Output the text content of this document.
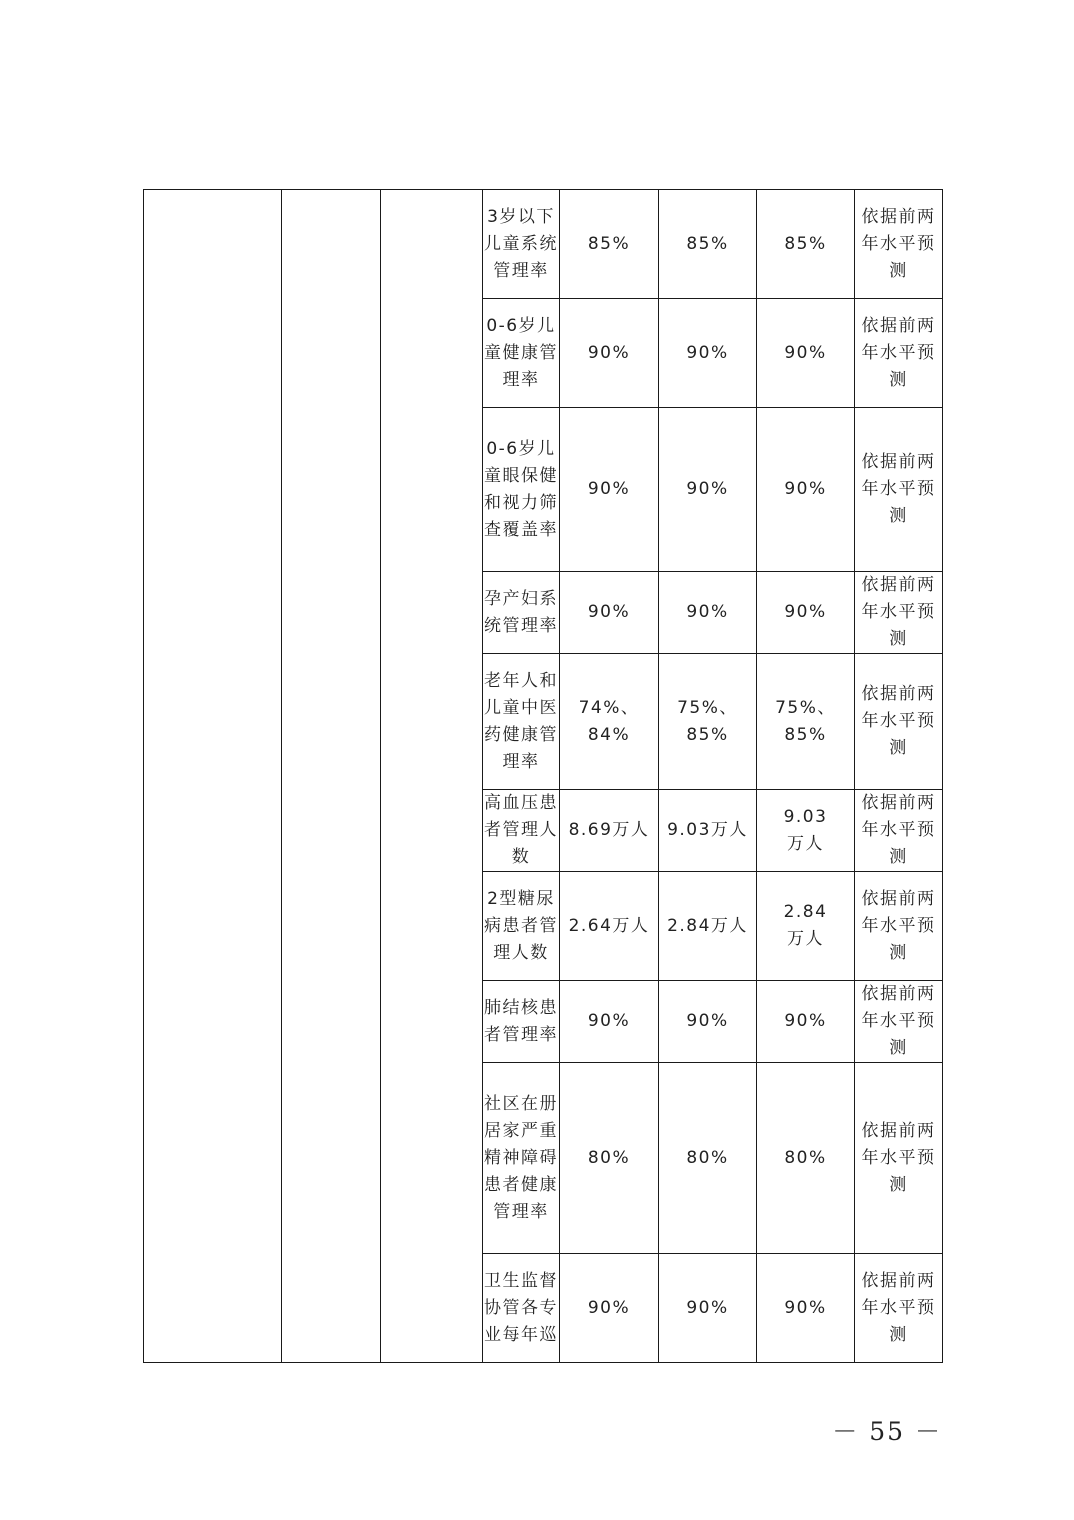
			3岁以下儿童系统管理率	85%	85%	85%	依据前两年水平预测
			0-6岁儿童健康管理率	90%	90%	90%	依据前两年水平预测
			0-6岁儿童眼保健和视力筛查覆盖率	90%	90%	90%	依据前两年水平预测
			孕产妇系统管理率	90%	90%	90%	依据前两年水平预测
			老年人和儿童中医药健康管理率	74%、84%	75%、85%	75%、85%	依据前两年水平预测
			高血压患者管理人数	8.69万人	9.03万人	9.03万人	依据前两年水平预测
			2型糖尿病患者管理人数	2.64万人	2.84万人	2.84万人	依据前两年水平预测
			肺结核患者管理率	90%	90%	90%	依据前两年水平预测
			社区在册居家严重精神障碍患者健康管理率	80%	80%	80%	依据前两年水平预测
			卫生监督协管各专业每年巡	90%	90%	90%	依据前两年水平预测
－ 55 －
